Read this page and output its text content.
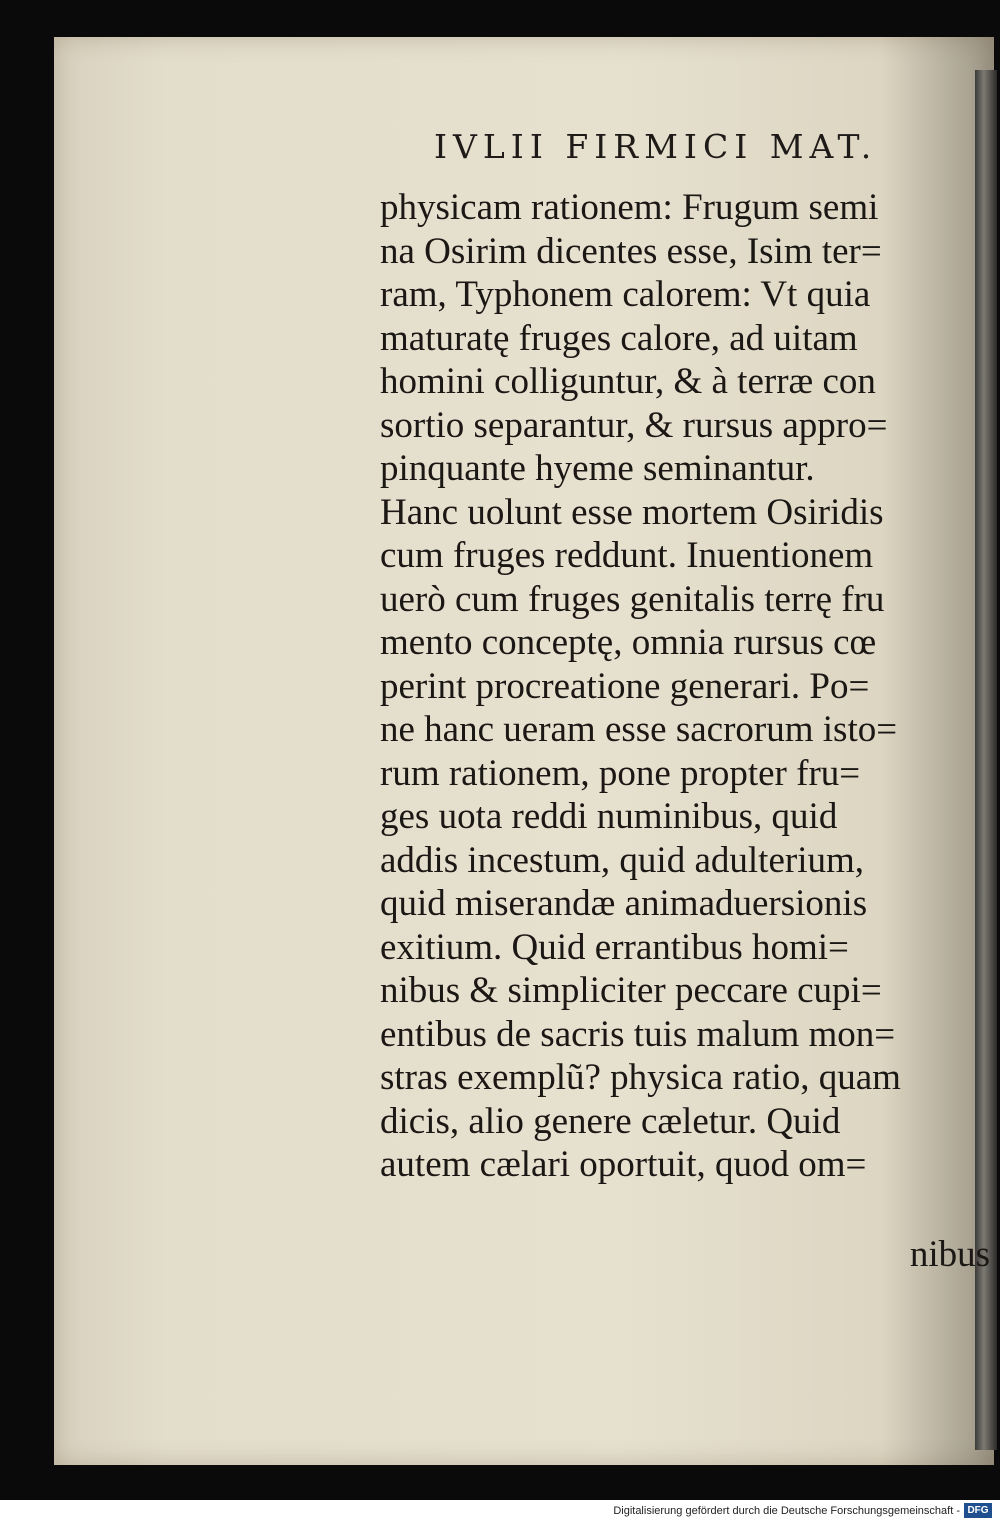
IVLII FIRMICI MAT.
physicam rationem: Frugum semi
na Osirim dicentes esse, Isim ter=
ram, Typhonem calorem: Vt quia
maturatę fruges calore, ad uitam
homini colliguntur, & à terræ con
sortio separantur, & rursus appro=
pinquante hyeme seminantur.
Hanc uolunt esse mortem Osiridis
cum fruges reddunt. Inuentionem
uerò cum fruges genitalis terrę fru
mento conceptę, omnia rursus cœ
perint procreatione generari. Po=
ne hanc ueram esse sacrorum isto=
rum rationem, pone propter fru=
ges uota reddi numinibus, quid
addis incestum, quid adulterium,
quid miserandæ animaduersionis
exitium. Quid errantibus homi=
nibus & simpliciter peccare cupi=
entibus de sacris tuis malum mon=
stras exemplũ? physica ratio, quam
dicis, alio genere cæletur. Quid
autem cælari oportuit, quod om=
nibus
Digitalisierung gefördert durch die Deutsche Forschungsgemeinschaft - DFG
